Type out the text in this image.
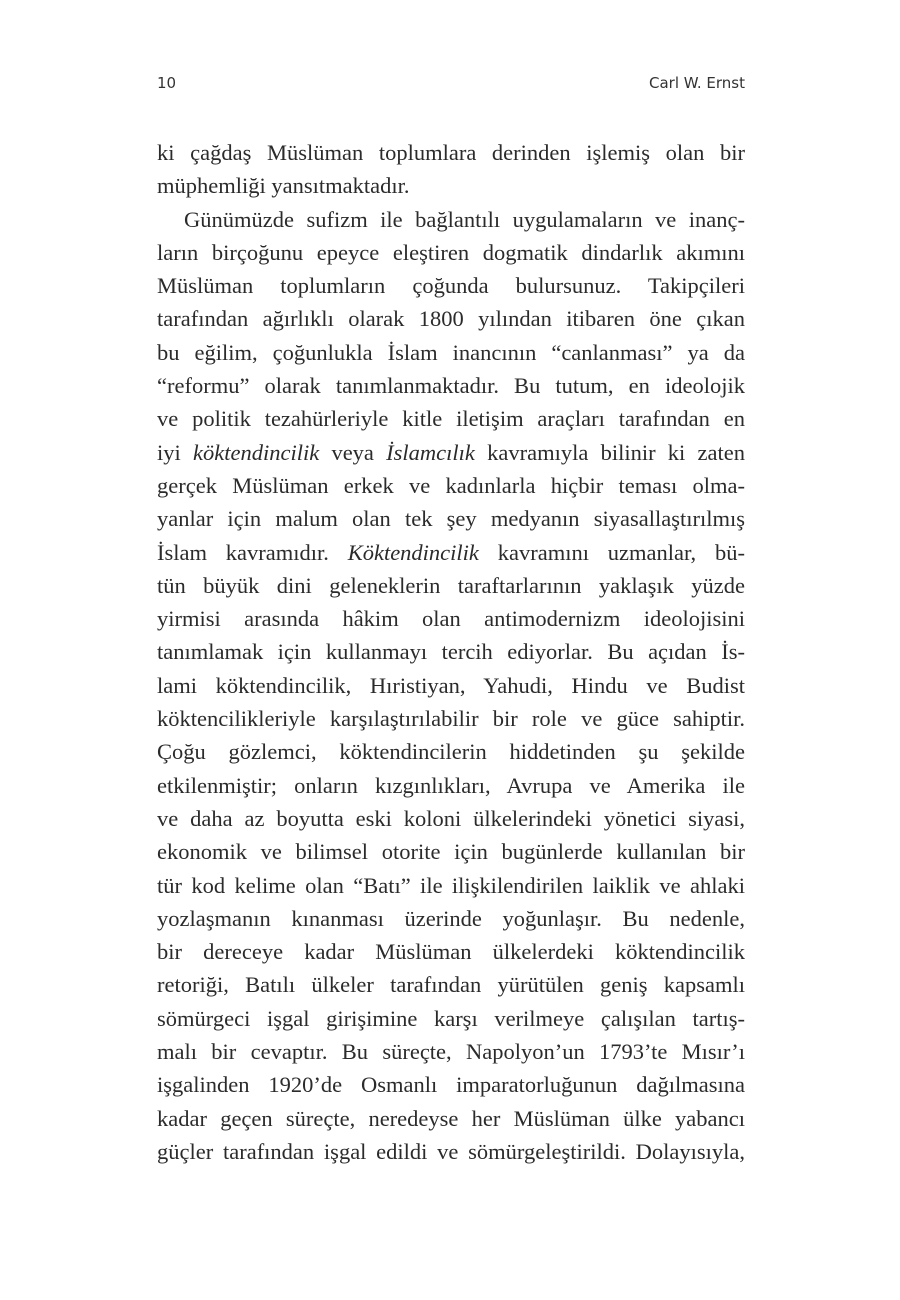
10	Carl W. Ernst
ki çağdaş Müslüman toplumlara derinden işlemiş olan bir
müphemliği yansıtmaktadır.
Günümüzde sufizm ile bağlantılı uygulamaların ve inanç-
ların birçoğunu epeyce eleştiren dogmatik dindarlık akımını
Müslüman toplumların çoğunda bulursunuz. Takipçileri
tarafından ağırlıklı olarak 1800 yılından itibaren öne çıkan
bu eğilim, çoğunlukla İslam inancının “canlanması” ya da
“reformu” olarak tanımlanmaktadır. Bu tutum, en ideolojik
ve politik tezahürleriyle kitle iletişim araçları tarafından en
iyi köktendincilik veya İslamcılık kavramıyla bilinir ki zaten
gerçek Müslüman erkek ve kadınlarla hiçbir teması olma-
yanlar için malum olan tek şey medyanın siyasallaştırılmış
İslam kavramıdır. Köktendincilik kavramını uzmanlar, bü-
tün büyük dini geleneklerin taraftarlarının yaklaşık yüzde
yirmisi arasında hâkim olan antimodernizm ideolojisini
tanımlamak için kullanmayı tercih ediyorlar. Bu açıdan İs-
lami köktendincilik, Hıristiyan, Yahudi, Hindu ve Budist
köktencilikleriyle karşılaştırılabilir bir role ve güce sahiptir.
Çoğu gözlemci, köktendincilerin hiddetinden şu şekilde
etkilenmiştir; onların kızgınlıkları, Avrupa ve Amerika ile
ve daha az boyutta eski koloni ülkelerindeki yönetici siyasi,
ekonomik ve bilimsel otorite için bugünlerde kullanılan bir
tür kod kelime olan “Batı” ile ilişkilendirilen laiklik ve ahlaki
yozlaşmanın kınanması üzerinde yoğunlaşır. Bu nedenle,
bir dereceye kadar Müslüman ülkelerdeki köktendincilik
retoriği, Batılı ülkeler tarafından yürütülen geniş kapsamlı
sömürgeci işgal girişimine karşı verilmeye çalışılan tartış-
malı bir cevaptır. Bu süreçte, Napolyon’un 1793’te Mısır’ı
işgalinden 1920’de Osmanlı imparatorluğunun dağılmasına
kadar geçen süreçte, neredeyse her Müslüman ülke yabancı
güçler tarafından işgal edildi ve sömürgeleştirildi. Dolayısıyla,
